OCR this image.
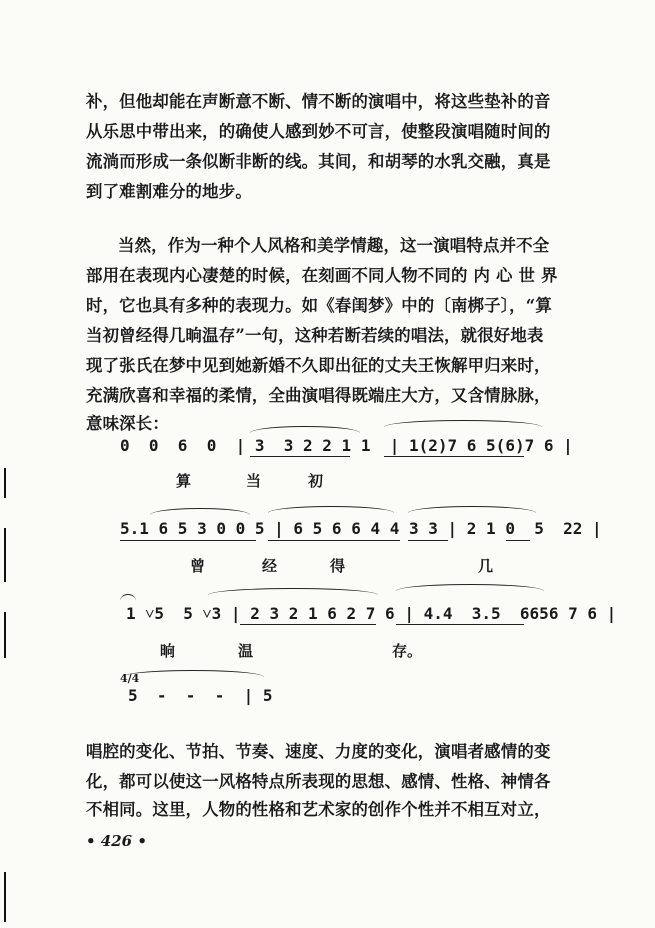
补，但他却能在声断意不断、情不断的演唱中，将这些垫补的音

从乐思中带出来，的确使人感到妙不可言，使整段演唱随时间的

流淌而形成一条似断非断的线。其间，和胡琴的水乳交融，真是

到了难割难分的地步。

当然，作为一种个人风格和美学情趣，这一演唱特点并不全

部用在表现内心凄楚的时候，在刻画不同人物不同的 内 心 世 界

时，它也具有多种的表现力。如《春闺梦》中的〔南梆子〕，“算

当初曾经得几晌温存”一句，这种若断若续的唱法，就很好地表

现了张氏在梦中见到她新婚不久即出征的丈夫王恢解甲归来时，

充满欣喜和幸福的柔情，全曲演唱得既端庄大方，又含情脉脉，

意味深长：

0  0  6  0  | 3  3 2 2 1 1  | 1(2)7 6 5(6)7 6 |
算	当	初
5.1 6 5 3 0 0 5 | 6 5 6 6 4 4 3 3 | 2 1 0  5  22 |
曾	经	得	几
1 ˅5  5 ˅3 | 2 3 2 1 6 2 7 6 | 4.4  3.5  6656 7 6 |
晌	温	存。
4/4
5  -  -  -  | 5

唱腔的变化、节拍、节奏、速度、力度的变化，演唱者感情的变

化，都可以使这一风格特点所表现的思想、感情、性格、神情各

不相同。这里，人物的性格和艺术家的创作个性并不相互对立，

• 426 •
